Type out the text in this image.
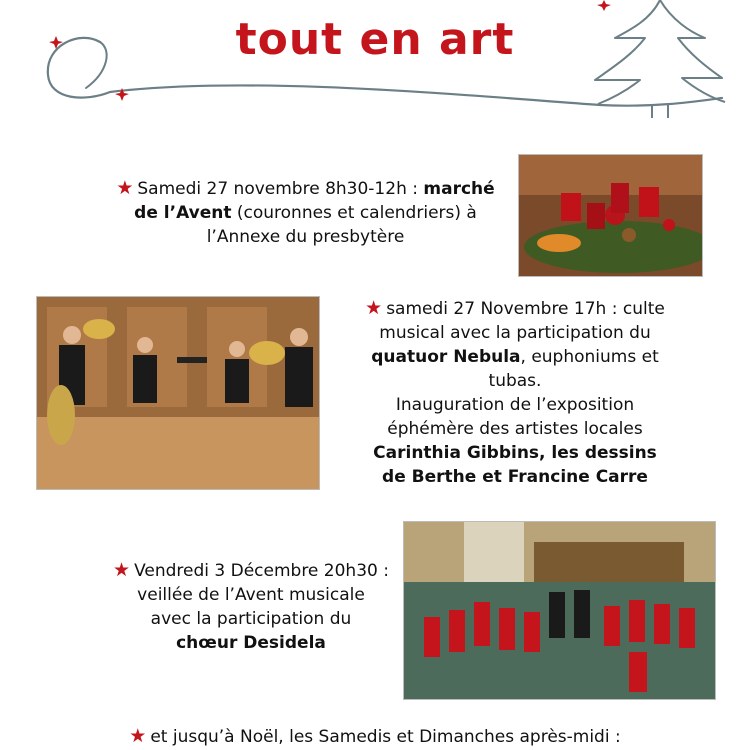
tout en art
★ Samedi 27 novembre 8h30-12h : marché
de l’Avent (couronnes et calendriers) à
l’Annexe du presbytère
★ samedi 27 Novembre 17h : culte
musical avec la participation du
quatuor Nebula, euphoniums et
tubas.
Inauguration de l’exposition
éphémère des artistes locales
Carinthia Gibbins, les dessins
de Berthe et Francine Carre
★ Vendredi 3 Décembre 20h30 :
veillée de l’Avent musicale
avec la participation du
chœur Desidela
★ et jusqu’à Noël, les Samedis et Dimanches après-midi :
